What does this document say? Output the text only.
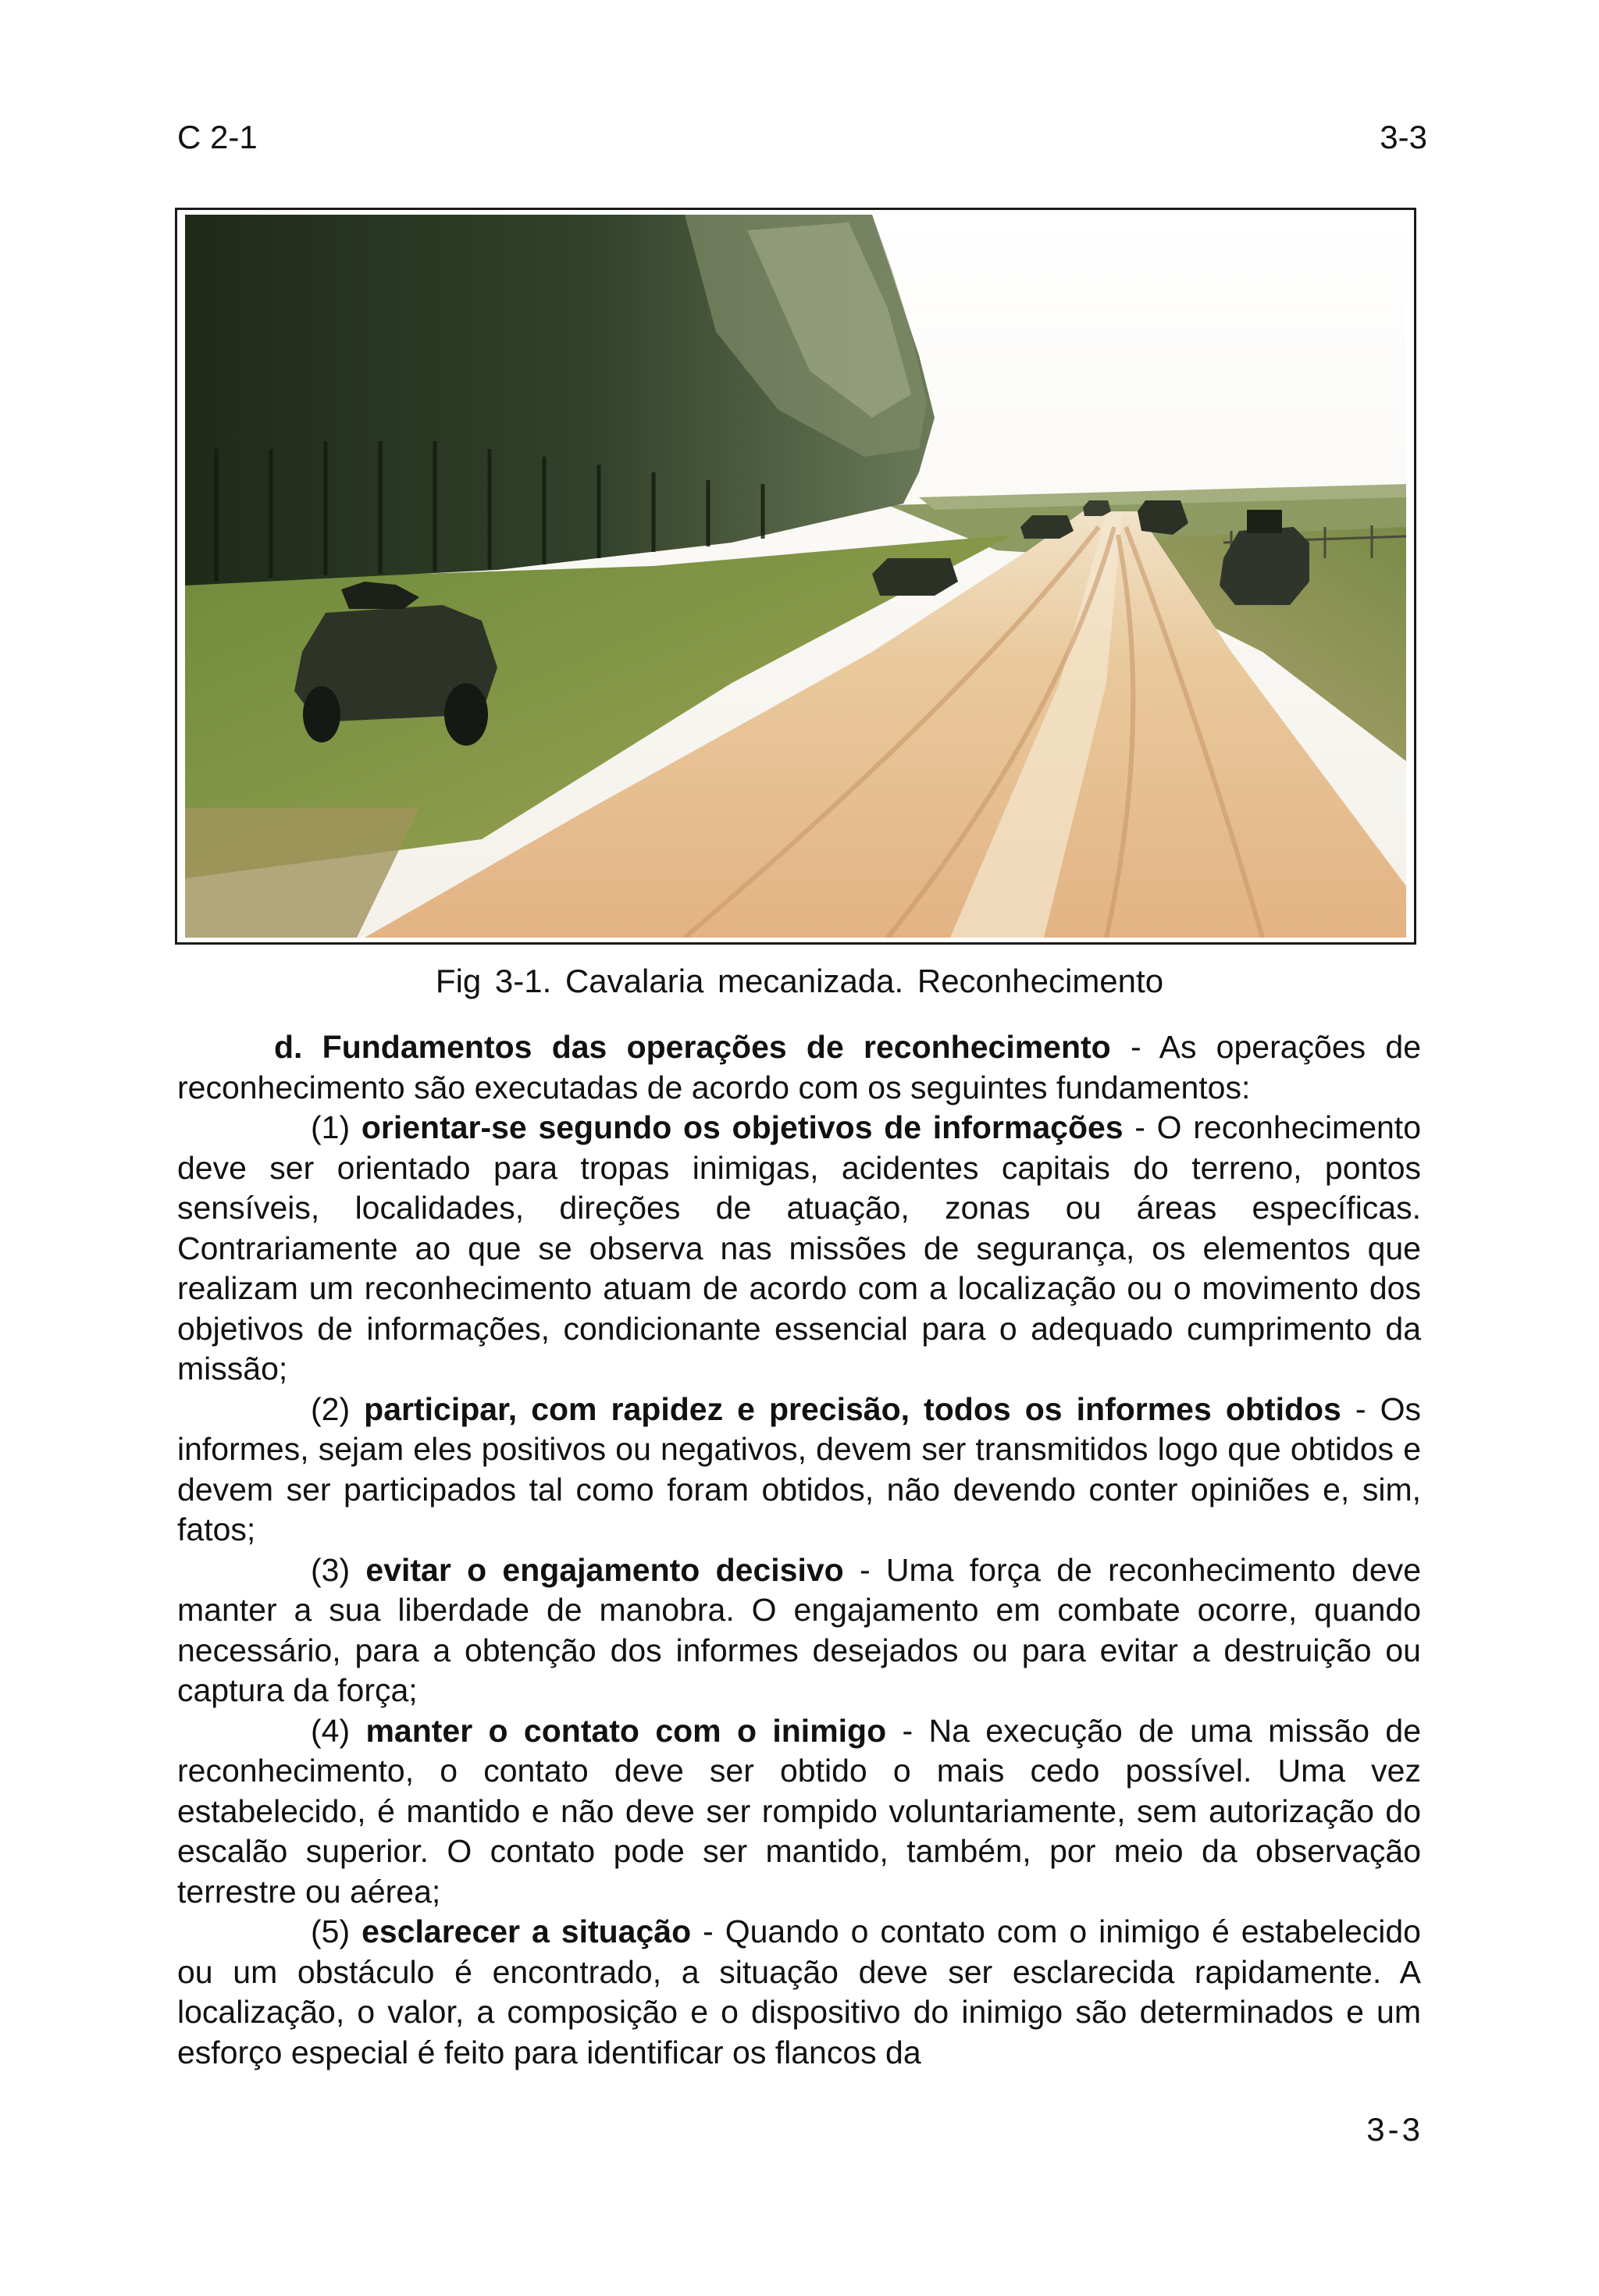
C 2-1	3-3
Fig 3-1. Cavalaria mecanizada. Reconhecimento

d. Fundamentos das operações de reconhecimento - As operações de reconhecimento são executadas de acordo com os seguintes fundamentos:

(1) orientar-se segundo os objetivos de informações - O reconhecimento deve ser orientado para tropas inimigas, acidentes capitais do terreno, pontos sensíveis, localidades, direções de atuação, zonas ou áreas específicas. Contrariamente ao que se observa nas missões de segurança, os elementos que realizam um reconhecimento atuam de acordo com a localização ou o movimento dos objetivos de informações, condicionante essencial para o adequado cumprimento da missão;

(2) participar, com rapidez e precisão, todos os informes obtidos - Os informes, sejam eles positivos ou negativos, devem ser transmitidos logo que obtidos e devem ser participados tal como foram obtidos, não devendo conter opiniões e, sim, fatos;

(3) evitar o engajamento decisivo - Uma força de reconhecimento deve manter a sua liberdade de manobra. O engajamento em combate ocorre, quando necessário, para a obtenção dos informes desejados ou para evitar a destruição ou captura da força;

(4) manter o contato com o inimigo - Na execução de uma missão de reconhecimento, o contato deve ser obtido o mais cedo possível. Uma vez estabelecido, é mantido e não deve ser rompido voluntariamente, sem autorização do escalão superior. O contato pode ser mantido, também, por meio da observação terrestre ou aérea;

(5) esclarecer a situação - Quando o contato com o inimigo é estabelecido ou um obstáculo é encontrado, a situação deve ser esclarecida rapidamente. A localização, o valor, a composição e o dispositivo do inimigo são determinados e um esforço especial é feito para identificar os flancos da

3-3
